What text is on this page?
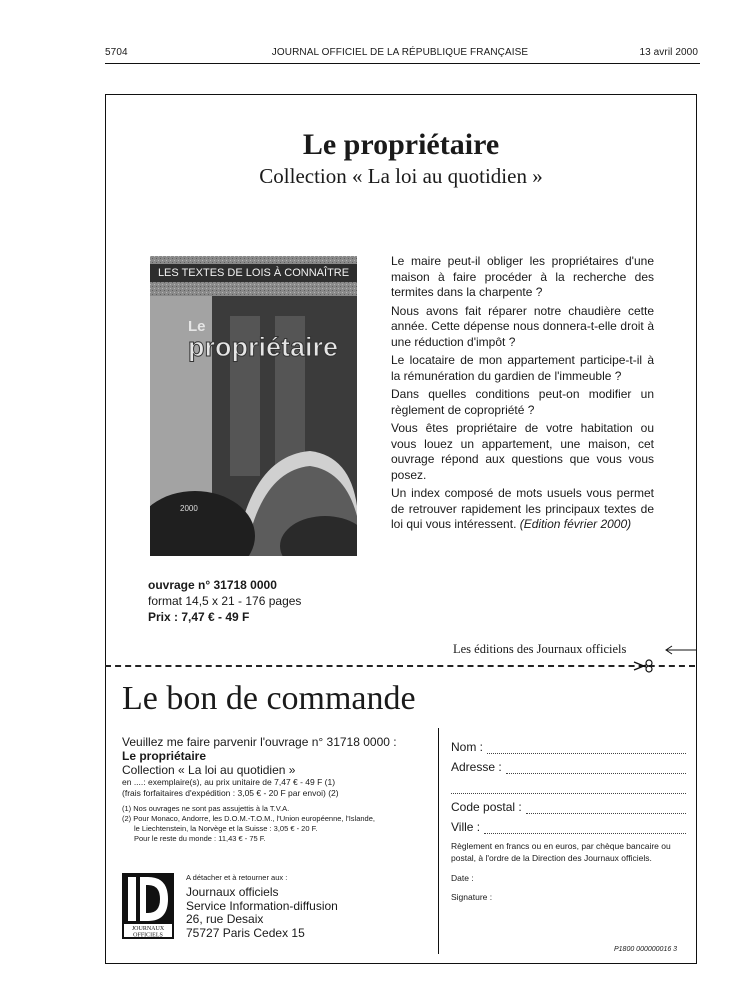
5704	JOURNAL OFFICIEL DE LA RÉPUBLIQUE FRANÇAISE	13 avril 2000
Le propriétaire
Collection « La loi au quotidien »
LES TEXTES DE LOIS À CONNAÎTRE
Le
propriétaire
2000

Le maire peut-il obliger les propriétaires d'une maison à faire procéder à la recherche des termites dans la charpente ?

Nous avons fait réparer notre chaudière cette année. Cette dépense nous donnera-t-elle droit à une réduction d'impôt ?

Le locataire de mon appartement participe-t-il à la rémunération du gardien de l'immeuble ?

Dans quelles conditions peut-on modifier un règlement de copropriété ?

Vous êtes propriétaire de votre habitation ou vous louez un appartement, une maison, cet ouvrage répond aux questions que vous vous posez.

Un index composé de mots usuels vous permet de retrouver rapidement les principaux textes de loi qui vous intéressent. (Edition février 2000)

ouvrage n° 31718 0000
format 14,5 x 21 - 176 pages
Prix : 7,47 € - 49 F
Les éditions des Journaux officiels
Le bon de commande
Veuillez me faire parvenir l'ouvrage n° 31718 0000 :
Le propriétaire
Collection « La loi au quotidien »
en ....: exemplaire(s), au prix unitaire de 7,47 € - 49 F (1)
(frais forfaitaires d'expédition : 3,05 € - 20 F par envoi) (2)
(1) Nos ouvrages ne sont pas assujettis à la T.V.A.
(2) Pour Monaco, Andorre, les D.O.M.-T.O.M., l'Union européenne, l'Islande,
le Liechtenstein, la Norvège et la Suisse : 3,05 € - 20 F.
Pour le reste du monde : 11,43 € - 75 F.
JOURNAUX
OFFICIELS
A détacher et à retourner aux :
Journaux officiels
Service Information-diffusion
26, rue Desaix
75727 Paris Cedex 15
Nom :
Adresse :
Code postal :
Ville :
Règlement en francs ou en euros, par chèque bancaire ou postal, à l'ordre de la Direction des Journaux officiels.
Date :
Signature :
P1800 000000016 3
